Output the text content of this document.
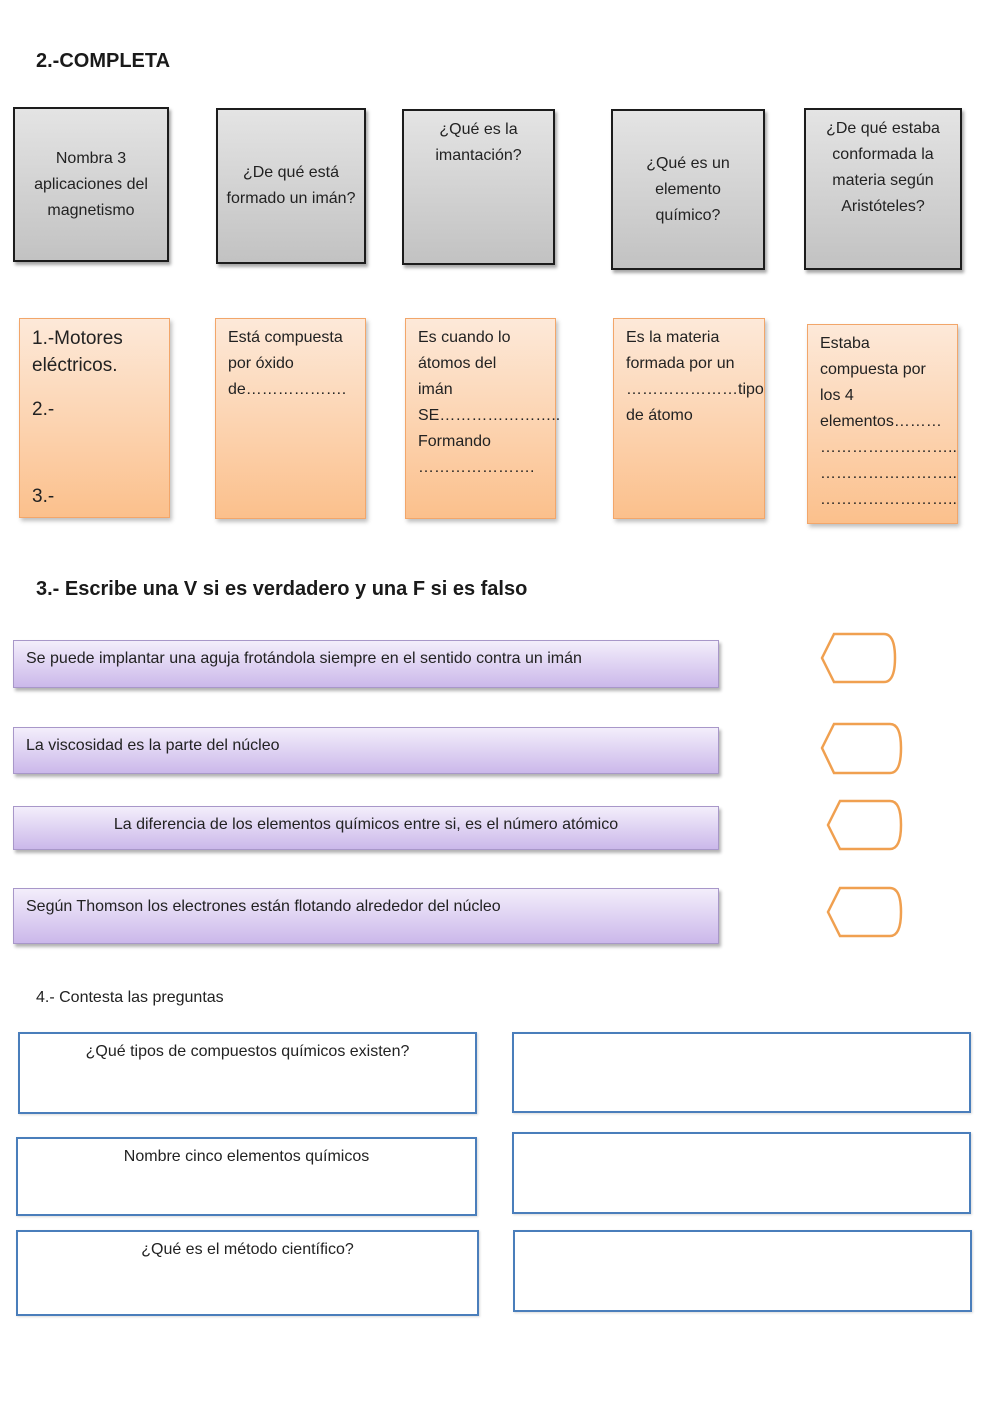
2.-COMPLETA
Nombra 3 aplicaciones del magnetismo
¿De qué está formado un imán?
¿Qué es la imantación?	¿Qué es un elemento químico?
¿De qué estaba conformada la materia según Aristóteles?
1.-Motores
eléctricos.
2.-
3.-
Está compuesta
por óxido
de……………….
Es cuando lo
átomos del
imán
SE…………………..
Formando
………………….
Es la materia
formada por un
…………………tipo
de átomo
Estaba
compuesta por
los 4
elementos………
……………………..
……………………..
……………………..
3.- Escribe una V si es verdadero y una F si es falso
Se puede implantar una aguja frotándola siempre en el sentido contra un imán
La viscosidad es la parte del núcleo
La diferencia de los elementos químicos entre si, es el número atómico
Según Thomson los electrones están flotando alrededor del núcleo
4.- Contesta las preguntas
¿Qué tipos de compuestos químicos existen?
Nombre cinco elementos químicos
¿Qué es el método científico?
